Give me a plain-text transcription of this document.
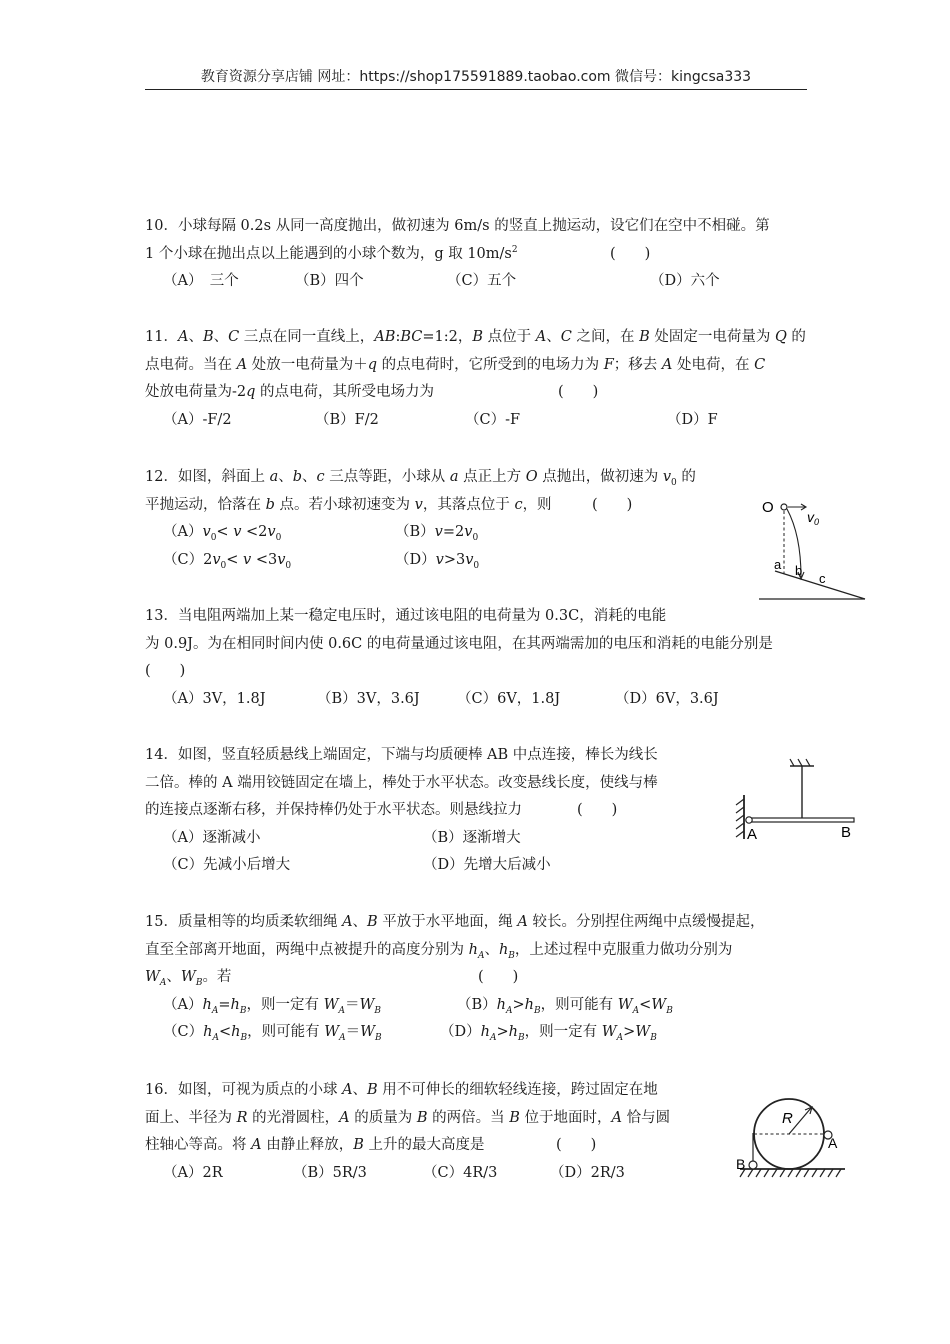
教育资源分享店铺 网址：https://shop175591889.taobao.com 微信号：kingcsa333

10．小球每隔 0.2s 从同一高度抛出，做初速为 6m/s 的竖直上抛运动，设它们在空中不相碰。第

1 个小球在抛出点以上能遇到的小球个数为，g 取 $10m/s^2$	(　　)

（A）　三个	（B）四个	（C）五个	（D）六个

11．A、B、C 三点在同一直线上，AB:BC=1:2，B 点位于 A、C 之间，在 B 处固定一电荷量为 Q 的

点电荷。当在 A 处放一电荷量为＋q 的点电荷时，它所受到的电场力为 F；移去 A 处电荷，在 C

处放电荷量为-2q 的点电荷，其所受电场力为	(　　)

（A）-F/2	（B）F/2	（C）-F	（D）F

12．如图，斜面上 a、b、c 三点等距，小球从 a 点正上方 O 点抛出，做初速为 $v_0$ 的

平抛运动，恰落在 b 点。若小球初速变为 v，其落点位于 c，则	(　　)

$(A)v_0< v <2v_0$	$(B)v=2v_0$
$(C)2v_0< v <3v_0$	$(D)v>3v_0$
O
$v_0$
a b
c

13．当电阻两端加上某一稳定电压时，通过该电阻的电荷量为 0.3C，消耗的电能

为 0.9J。为在相同时间内使 0.6C 的电荷量通过该电阻，在其两端需加的电压和消耗的电能分别是

(　　)

（A）3V，1.8J	（B）3V，3.6J	（C）6V，1.8J	（D）6V，3.6J

14．如图，竖直轻质悬线上端固定，下端与均质硬棒 AB 中点连接，棒长为线长

二倍。棒的 A 端用铰链固定在墙上，棒处于水平状态。改变悬线长度，使线与棒

的连接点逐渐右移，并保持棒仍处于水平状态。则悬线拉力	(　　)

（A）逐渐减小	（B）逐渐增大
（C）先减小后增大	（D）先增大后减小
A	B

15．质量相等的均质柔软细绳 A、B 平放于水平地面，绳 A 较长。分别捏住两绳中点缓慢提起，

直至全部离开地面，两绳中点被提升的高度分别为 $h_A$、$h_B$，上述过程中克服重力做功分别为

$W_A$、$W_B$。若	(　　)

$(A)h_A=h_B$，则一定有 $W_A=W_B$	$(B)h_A>h_B$，则可能有 $W_A<W_B$
$(C)h_A<h_B$，则可能有 $W_A=W_B$	$(D)h_A>h_B$，则一定有 $W_A>W_B$

16．如图，可视为质点的小球 A、B 用不可伸长的细软轻线连接，跨过固定在地

面上、半径为 R 的光滑圆柱，A 的质量为 B 的两倍。当 B 位于地面时，A 恰与圆

柱轴心等高。将 A 由静止释放，B 上升的最大高度是	(　　)

（A）2R	（B）5R/3	（C）4R/3	（D）2R/3
R
A
B
